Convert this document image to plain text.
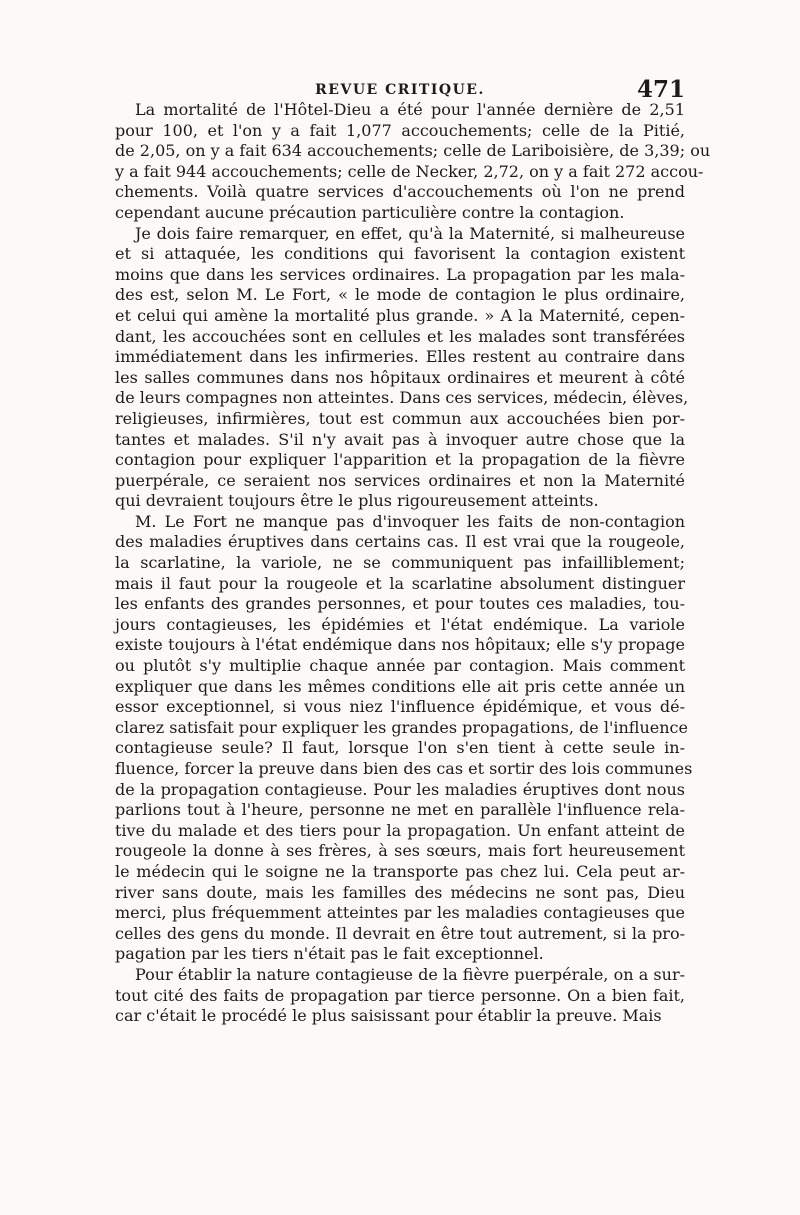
REVUE CRITIQUE.	471
La mortalité de l'Hôtel-Dieu a été pour l'année dernière de 2,51
pour 100, et l'on y a fait 1,077 accouchements; celle de la Pitié,
de 2,05, on y a fait 634 accouchements; celle de Lariboisière, de 3,39; ou
y a fait 944 accouchements; celle de Necker, 2,72, on y a fait 272 accou-
chements. Voilà quatre services d'accouchements où l'on ne prend
cependant aucune précaution particulière contre la contagion.
Je dois faire remarquer, en effet, qu'à la Maternité, si malheureuse
et si attaquée, les conditions qui favorisent la contagion existent
moins que dans les services ordinaires. La propagation par les mala-
des est, selon M. Le Fort, « le mode de contagion le plus ordinaire,
et celui qui amène la mortalité plus grande. » A la Maternité, cepen-
dant, les accouchées sont en cellules et les malades sont transférées
immédiatement dans les infirmeries. Elles restent au contraire dans
les salles communes dans nos hôpitaux ordinaires et meurent à côté
de leurs compagnes non atteintes. Dans ces services, médecin, élèves,
religieuses, infirmières, tout est commun aux accouchées bien por-
tantes et malades. S'il n'y avait pas à invoquer autre chose que la
contagion pour expliquer l'apparition et la propagation de la fièvre
puerpérale, ce seraient nos services ordinaires et non la Maternité
qui devraient toujours être le plus rigoureusement atteints.
M. Le Fort ne manque pas d'invoquer les faits de non-contagion
des maladies éruptives dans certains cas. Il est vrai que la rougeole,
la scarlatine, la variole, ne se communiquent pas infailliblement;
mais il faut pour la rougeole et la scarlatine absolument distinguer
les enfants des grandes personnes, et pour toutes ces maladies, tou-
jours contagieuses, les épidémies et l'état endémique. La variole
existe toujours à l'état endémique dans nos hôpitaux; elle s'y propage
ou plutôt s'y multiplie chaque année par contagion. Mais comment
expliquer que dans les mêmes conditions elle ait pris cette année un
essor exceptionnel, si vous niez l'influence épidémique, et vous dé-
clarez satisfait pour expliquer les grandes propagations, de l'influence
contagieuse seule? Il faut, lorsque l'on s'en tient à cette seule in-
fluence, forcer la preuve dans bien des cas et sortir des lois communes
de la propagation contagieuse. Pour les maladies éruptives dont nous
parlions tout à l'heure, personne ne met en parallèle l'influence rela-
tive du malade et des tiers pour la propagation. Un enfant atteint de
rougeole la donne à ses frères, à ses sœurs, mais fort heureusement
le médecin qui le soigne ne la transporte pas chez lui. Cela peut ar-
river sans doute, mais les familles des médecins ne sont pas, Dieu
merci, plus fréquemment atteintes par les maladies contagieuses que
celles des gens du monde. Il devrait en être tout autrement, si la pro-
pagation par les tiers n'était pas le fait exceptionnel.
Pour établir la nature contagieuse de la fièvre puerpérale, on a sur-
tout cité des faits de propagation par tierce personne. On a bien fait,
car c'était le procédé le plus saisissant pour établir la preuve. Mais
